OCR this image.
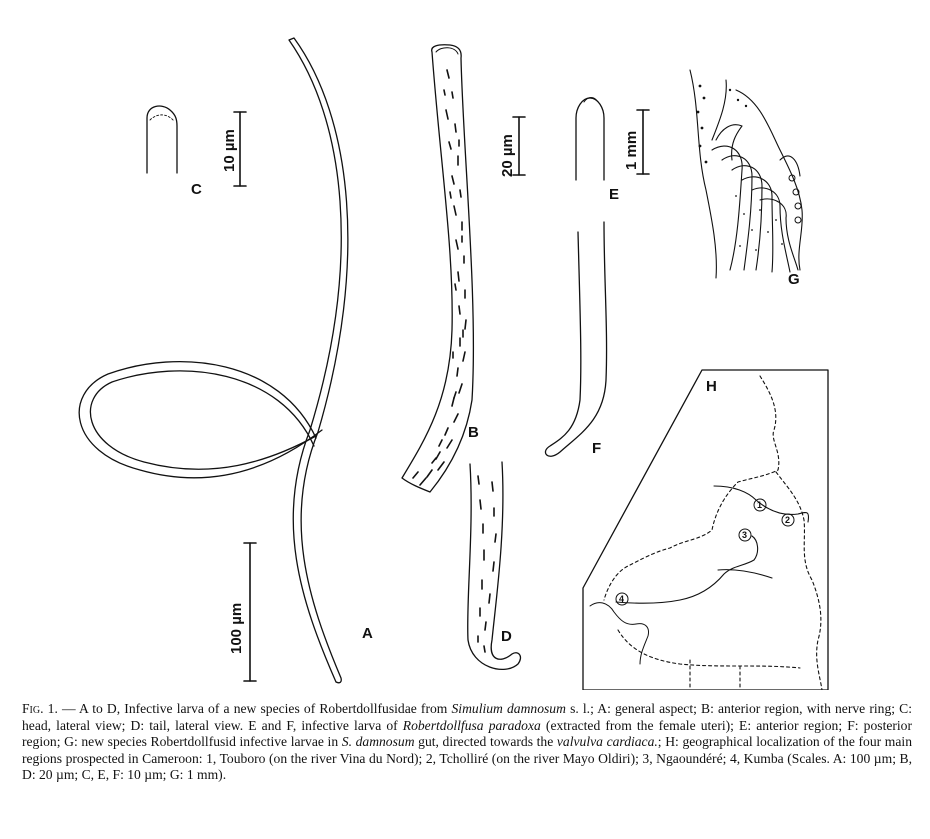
A
B
C
D
E
F
G
H
100 µm
20 µm
10 µm	1 mm
1
2
3
4
Fig. 1. — A to D, Infective larva of a new species of Robertdollfusidae from Simulium damnosum s. l.; A: general aspect; B: anterior region, with nerve ring; C: head, lateral view; D: tail, lateral view. E and F, infective larva of Robertdollfusa paradoxa (extracted from the female uteri); E: anterior region; F: posterior region; G: new species Robertdollfusid infective larvae in S. damnosum gut, directed towards the valvulva cardiaca.; H: geographical localization of the four main regions prospected in Cameroon: 1, Touboro (on the river Vina du Nord); 2, Tcholliré (on the river Mayo Oldiri); 3, Ngaoundéré; 4, Kumba (Scales. A: 100 µm; B, D: 20 µm; C, E, F: 10 µm; G: 1 mm).
